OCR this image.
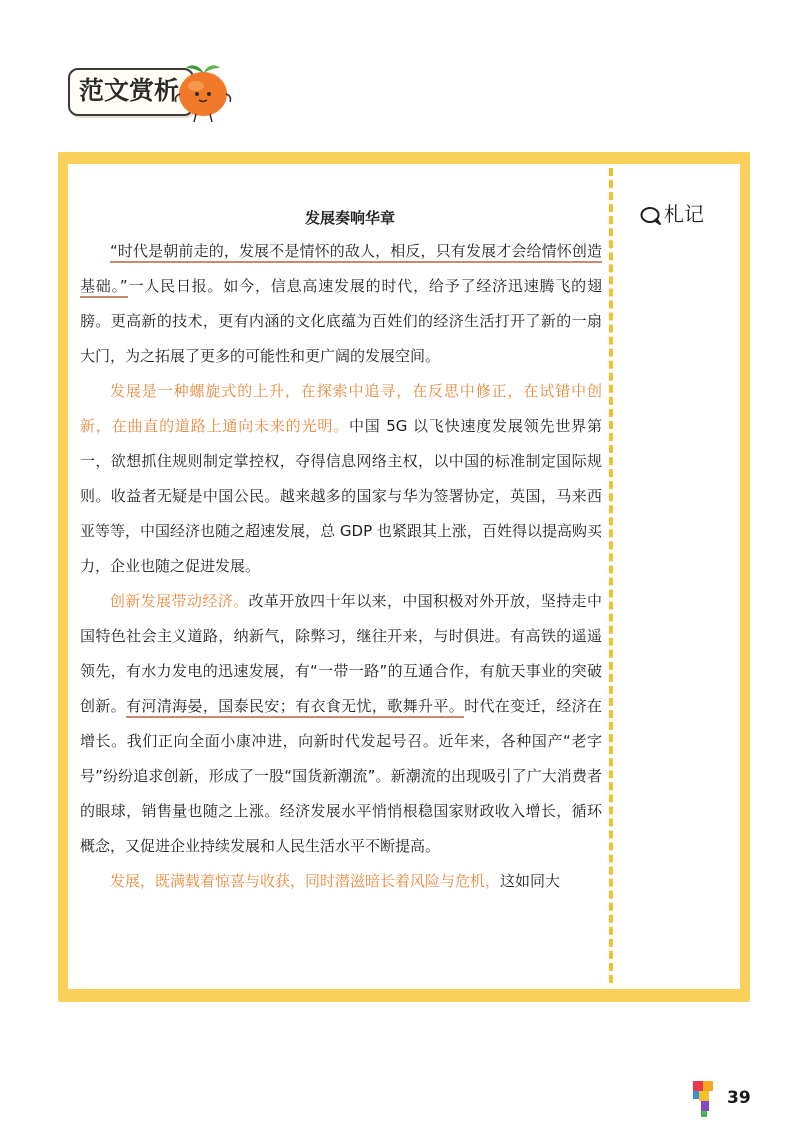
范文赏析
发展奏响华章

“时代是朝前走的，发展不是情怀的敌人，相反，只有发展才会给情怀创造基础。”一人民日报。如今，信息高速发展的时代，给予了经济迅速腾飞的翅膀。更高新的技术，更有内涵的文化底蕴为百姓们的经济生活打开了新的一扇大门，为之拓展了更多的可能性和更广阔的发展空间。

发展是一种螺旋式的上升，在探索中追寻，在反思中修正，在试错中创新，在曲直的道路上通向未来的光明。中国 5G 以飞快速度发展领先世界第一，欲想抓住规则制定掌控权，夺得信息网络主权，以中国的标准制定国际规则。收益者无疑是中国公民。越来越多的国家与华为签署协定，英国，马来西亚等等，中国经济也随之超速发展，总 GDP 也紧跟其上涨，百姓得以提高购买力，企业也随之促进发展。

创新发展带动经济。改革开放四十年以来，中国积极对外开放，坚持走中国特色社会主义道路，纳新气，除弊习，继往开来，与时俱进。有高铁的遥遥领先，有水力发电的迅速发展，有“一带一路”的互通合作，有航天事业的突破创新。有河清海晏，国泰民安；有衣食无忧，歌舞升平。时代在变迁，经济在增长。我们正向全面小康冲进，向新时代发起号召。近年来，各种国产“老字号”纷纷追求创新，形成了一股“国货新潮流”。新潮流的出现吸引了广大消费者的眼球，销售量也随之上涨。经济发展水平悄悄根稳国家财政收入增长，循环概念，又促进企业持续发展和人民生活水平不断提高。

发展，既满载着惊喜与收获，同时潜滋暗长着风险与危机，这如同大

札记
39
